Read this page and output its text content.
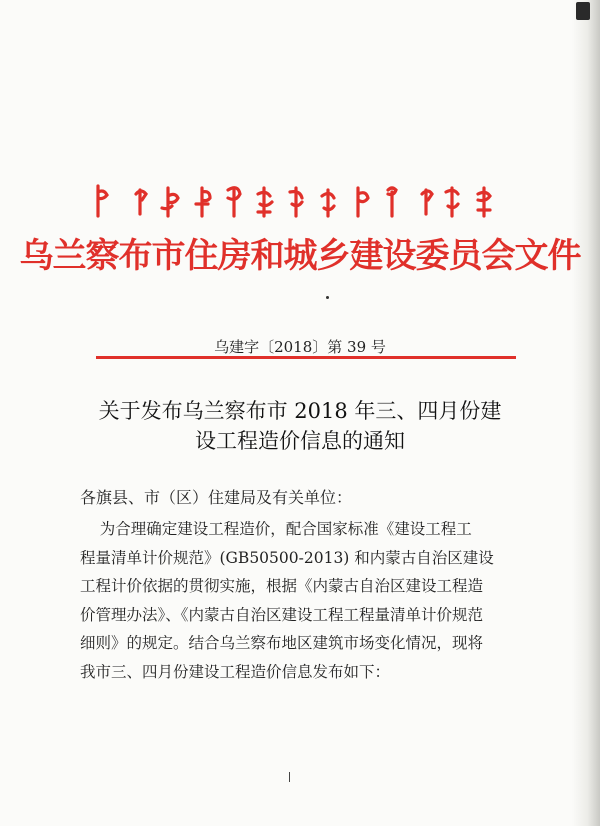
乌兰察布市住房和城乡建设委员会文件
乌建字〔2018〕第 39 号
关于发布乌兰察布市 2018 年三、四月份建
设工程造价信息的通知
各旗县、市（区）住建局及有关单位：
为合理确定建设工程造价，配合国家标准《建设工程工
程量清单计价规范》(GB50500-2013) 和内蒙古自治区建设
工程计价依据的贯彻实施，根据《内蒙古自治区建设工程造
价管理办法》、《内蒙古自治区建设工程工程量清单计价规范
细则》的规定。结合乌兰察布地区建筑市场变化情况，现将
我市三、四月份建设工程造价信息发布如下：
